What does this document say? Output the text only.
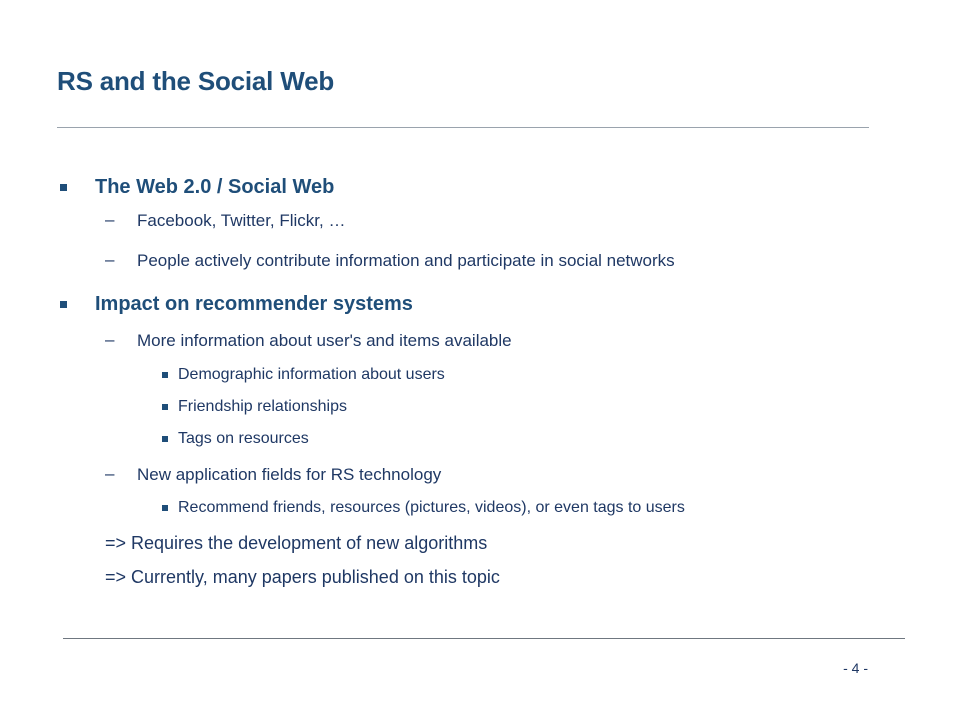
RS and the Social Web
The Web 2.0 / Social Web
– Facebook, Twitter, Flickr, …
– People actively contribute information and participate in social networks
Impact on recommender systems
– More information about user's and items available
Demographic information about users
Friendship relationships
Tags on resources
– New application fields for RS technology
Recommend friends, resources (pictures, videos), or even tags to users
=> Requires the development of new algorithms
=> Currently, many papers published on this topic
- 4 -
